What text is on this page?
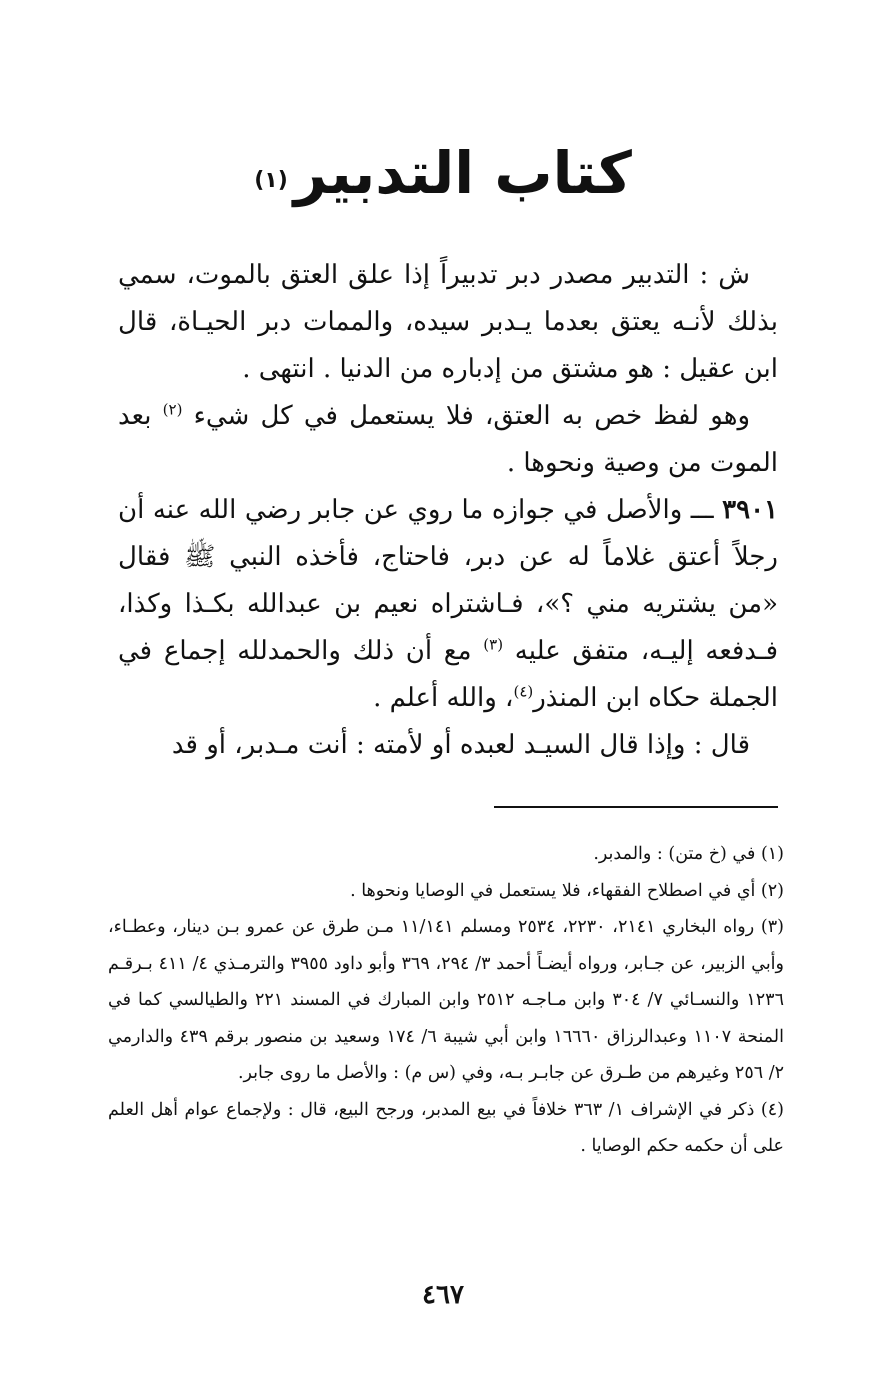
كتاب التدبير(١)

ش : التدبير مصدر دبر تدبيراً إذا علق العتق بالموت، سمي بذلك لأنـه يعتق بعدما يـدبر سيده، والممات دبر الحيـاة، قال ابن عقيل : هو مشتق من إدباره من الدنيا . انتهى .

وهو لفظ خص به العتق، فلا يستعمل في كل شيء $^{(٢)}$ بعد الموت من وصية ونحوها .

٣٩٠١ ـــ والأصل في جوازه ما روي عن جابر رضي الله عنه أن رجلاً أعتق غلاماً له عن دبر، فاحتاج، فأخذه النبي ﷺ فقال «من يشتريه مني ؟»، فـاشتراه نعيم بن عبدالله بكـذا وكذا، فـدفعه إليـه، متفق عليه $^{(٣)}$ مع أن ذلك والحمدلله إجماع في الجملة حكاه ابن المنذر$^{(٤)}$، والله أعلم .

قال : وإذا قال السيـد لعبده أو لأمته : أنت مـدبر، أو قد

(١) في (خ متن) : والمدبر.

(٢) أي في اصطلاح الفقهاء، فلا يستعمل في الوصايا ونحوها .

(٣) رواه البخاري ٢١٤١، ٢٢٣٠، ٢٥٣٤ ومسلم ١١/١٤١ مـن طرق عن عمرو بـن دينار، وعطـاء، وأبي الزبير، عن جـابر، ورواه أيضـاً أحمد ٣/ ٢٩٤، ٣٦٩ وأبو داود ٣٩٥٥ والترمـذي ٤/ ٤١١ بـرقـم ١٢٣٦ والنسـائي ٧/ ٣٠٤ وابن مـاجـه ٢٥١٢ وابن المبارك في المسند ٢٢١ والطيالسي كما في المنحة ١١٠٧ وعبدالرزاق ١٦٦٦٠ وابن أبي شيبة ٦/ ١٧٤ وسعيد بن منصور برقم ٤٣٩ والدارمي ٢/ ٢٥٦ وغيرهم من طـرق عن جابـر بـه، وفي (س م) : والأصل ما روى جابر.

(٤) ذكر في الإشراف ١/ ٣٦٣ خلافاً في بيع المدبر، ورجح البيع، قال : ولإجماع عوام أهل العلم على أن حكمه حكم الوصايا .

٤٦٧
